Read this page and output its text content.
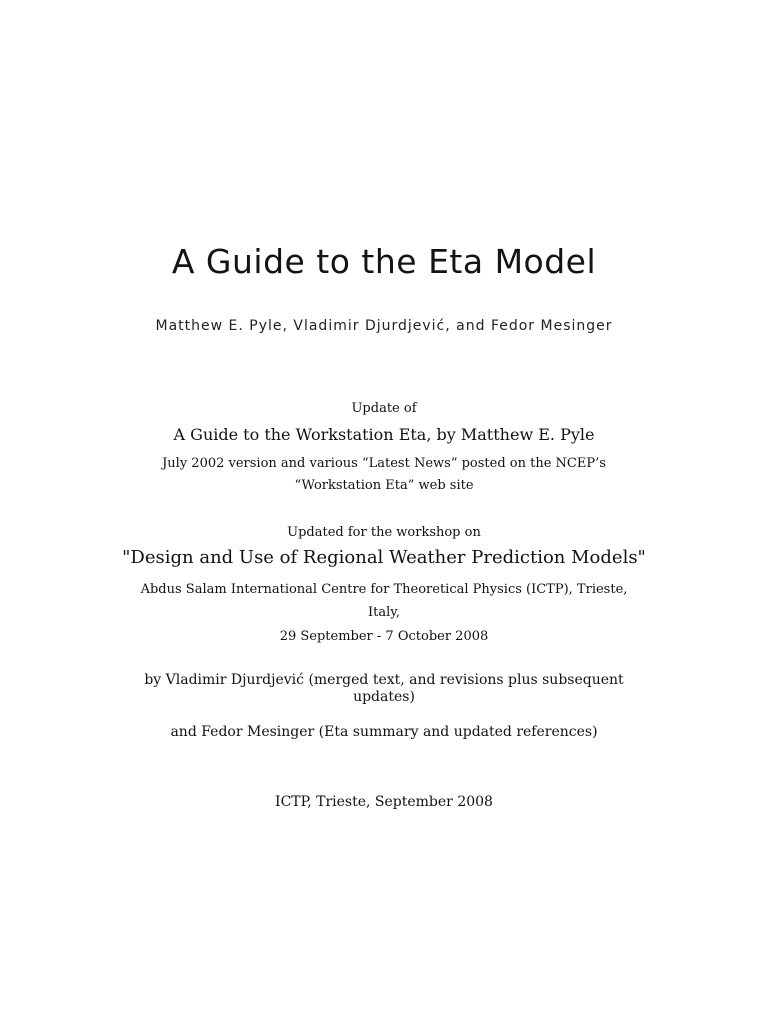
A Guide to the Eta Model
Matthew E. Pyle, Vladimir Djurdjević, and Fedor Mesinger
Update of
A Guide to the Workstation Eta, by Matthew E. Pyle
July 2002 version and various “Latest News” posted on the NCEP’s
“Workstation Eta” web site
Updated for the workshop on
"Design and Use of Regional Weather Prediction Models"
Abdus Salam International Centre for Theoretical Physics (ICTP), Trieste,
Italy,
29 September - 7 October 2008
by Vladimir Djurdjević (merged text, and revisions plus subsequent updates)
and Fedor Mesinger (Eta summary and updated references)
ICTP, Trieste, September 2008
